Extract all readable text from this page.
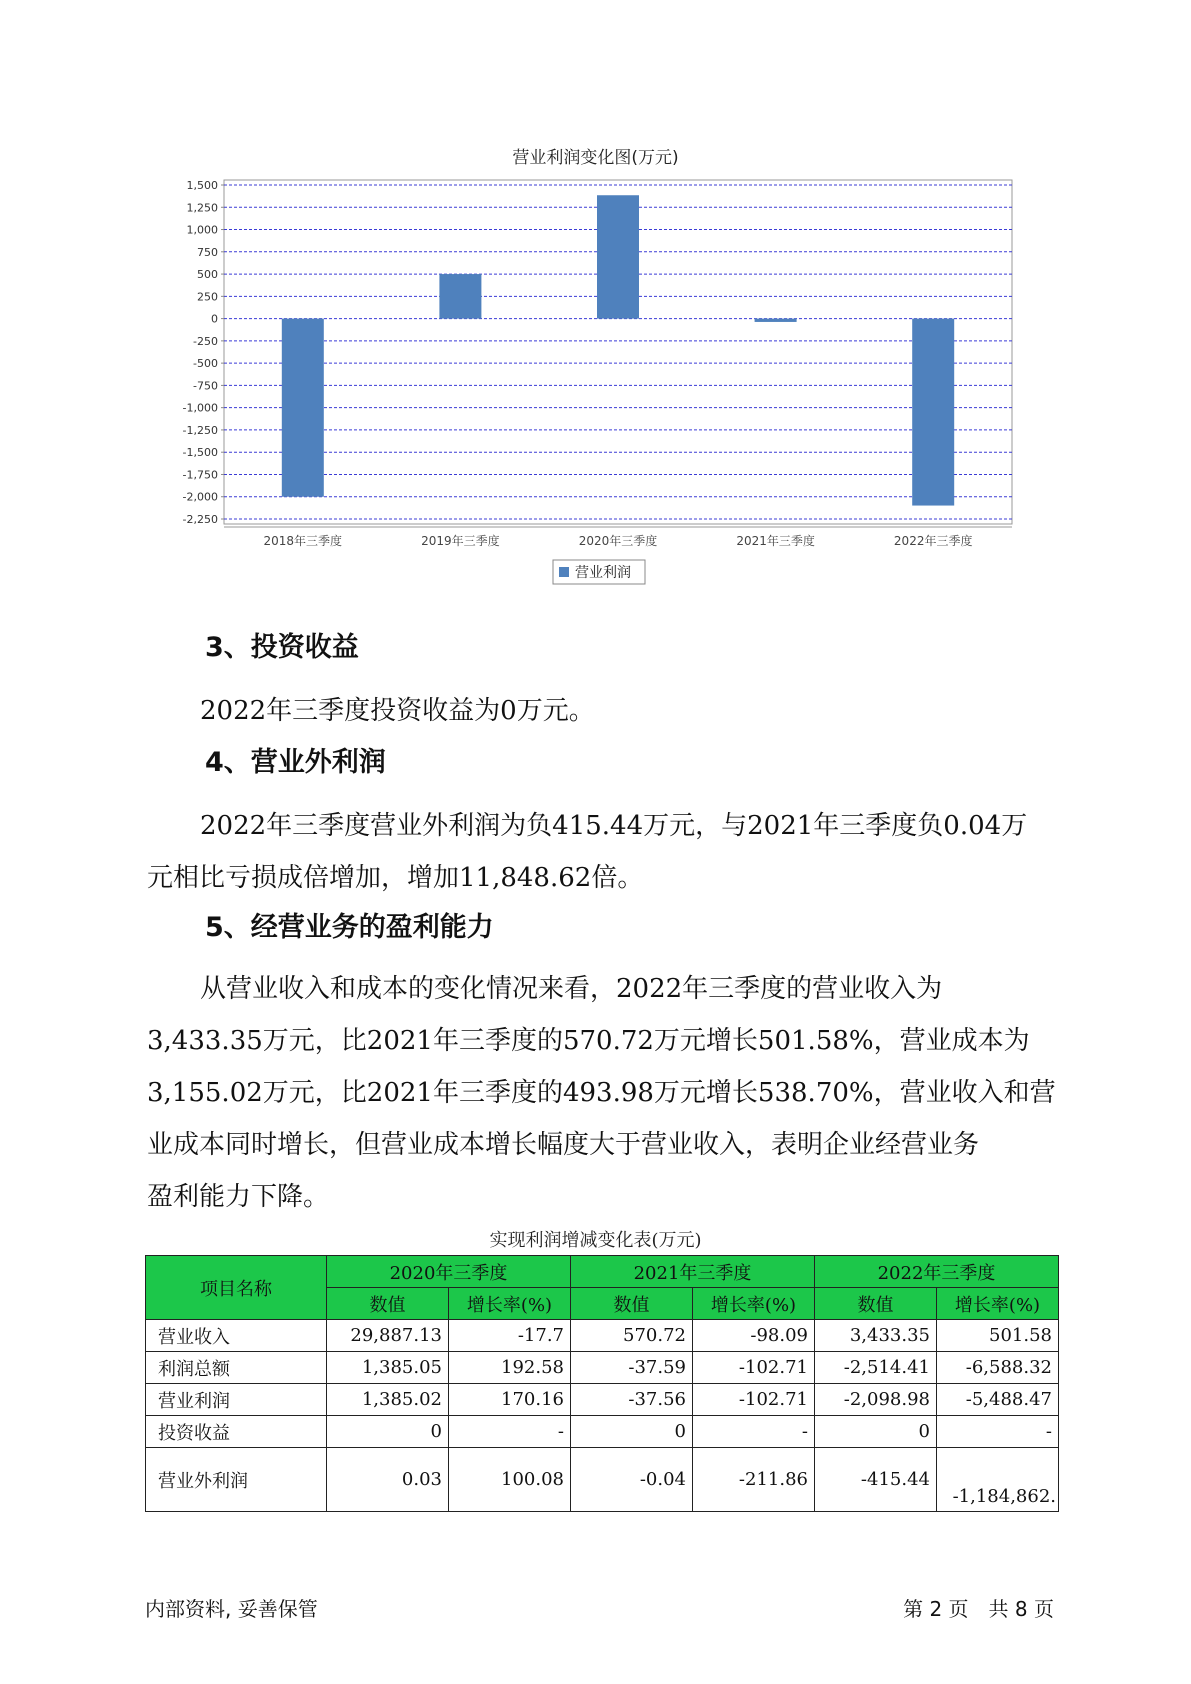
营业利润变化图(万元)
1,500
1,250
1,000
750
500
250
0
-250
-500
-750
-1,000
-1,250
-1,500
-1,750
-2,000
-2,250
2018年三季度	2019年三季度	2020年三季度	2021年三季度	2022年三季度
营业利润
3、投资收益
2022年三季度投资收益为0万元。
4、营业外利润
2022年三季度营业外利润为负415.44万元，与2021年三季度负0.04万
元相比亏损成倍增加，增加11,848.62倍。
5、经营业务的盈利能力
从营业收入和成本的变化情况来看，2022年三季度的营业收入为
3,433.35万元，比2021年三季度的570.72万元增长501.58%，营业成本为
3,155.02万元，比2021年三季度的493.98万元增长538.70%，营业收入和营
业成本同时增长，但营业成本增长幅度大于营业收入，表明企业经营业务
盈利能力下降。
实现利润增减变化表(万元)
项目名称	2020年三季度		2021年三季度		2022年三季度	
	数值	增长率(%)	数值	增长率(%)	数值	增长率(%)
营业收入	29,887.13	-17.7	570.72	-98.09	3,433.35	501.58
利润总额	1,385.05	192.58	-37.59	-102.71	-2,514.41	-6,588.32
营业利润	1,385.02	170.16	-37.56	-102.71	-2,098.98	-5,488.47
投资收益	0	-	0	-	0	-
营业外利润	0.03	100.08	-0.04	-211.86	-415.44	-1,184,862.
内部资料, 妥善保管	第 2 页　共 8 页
